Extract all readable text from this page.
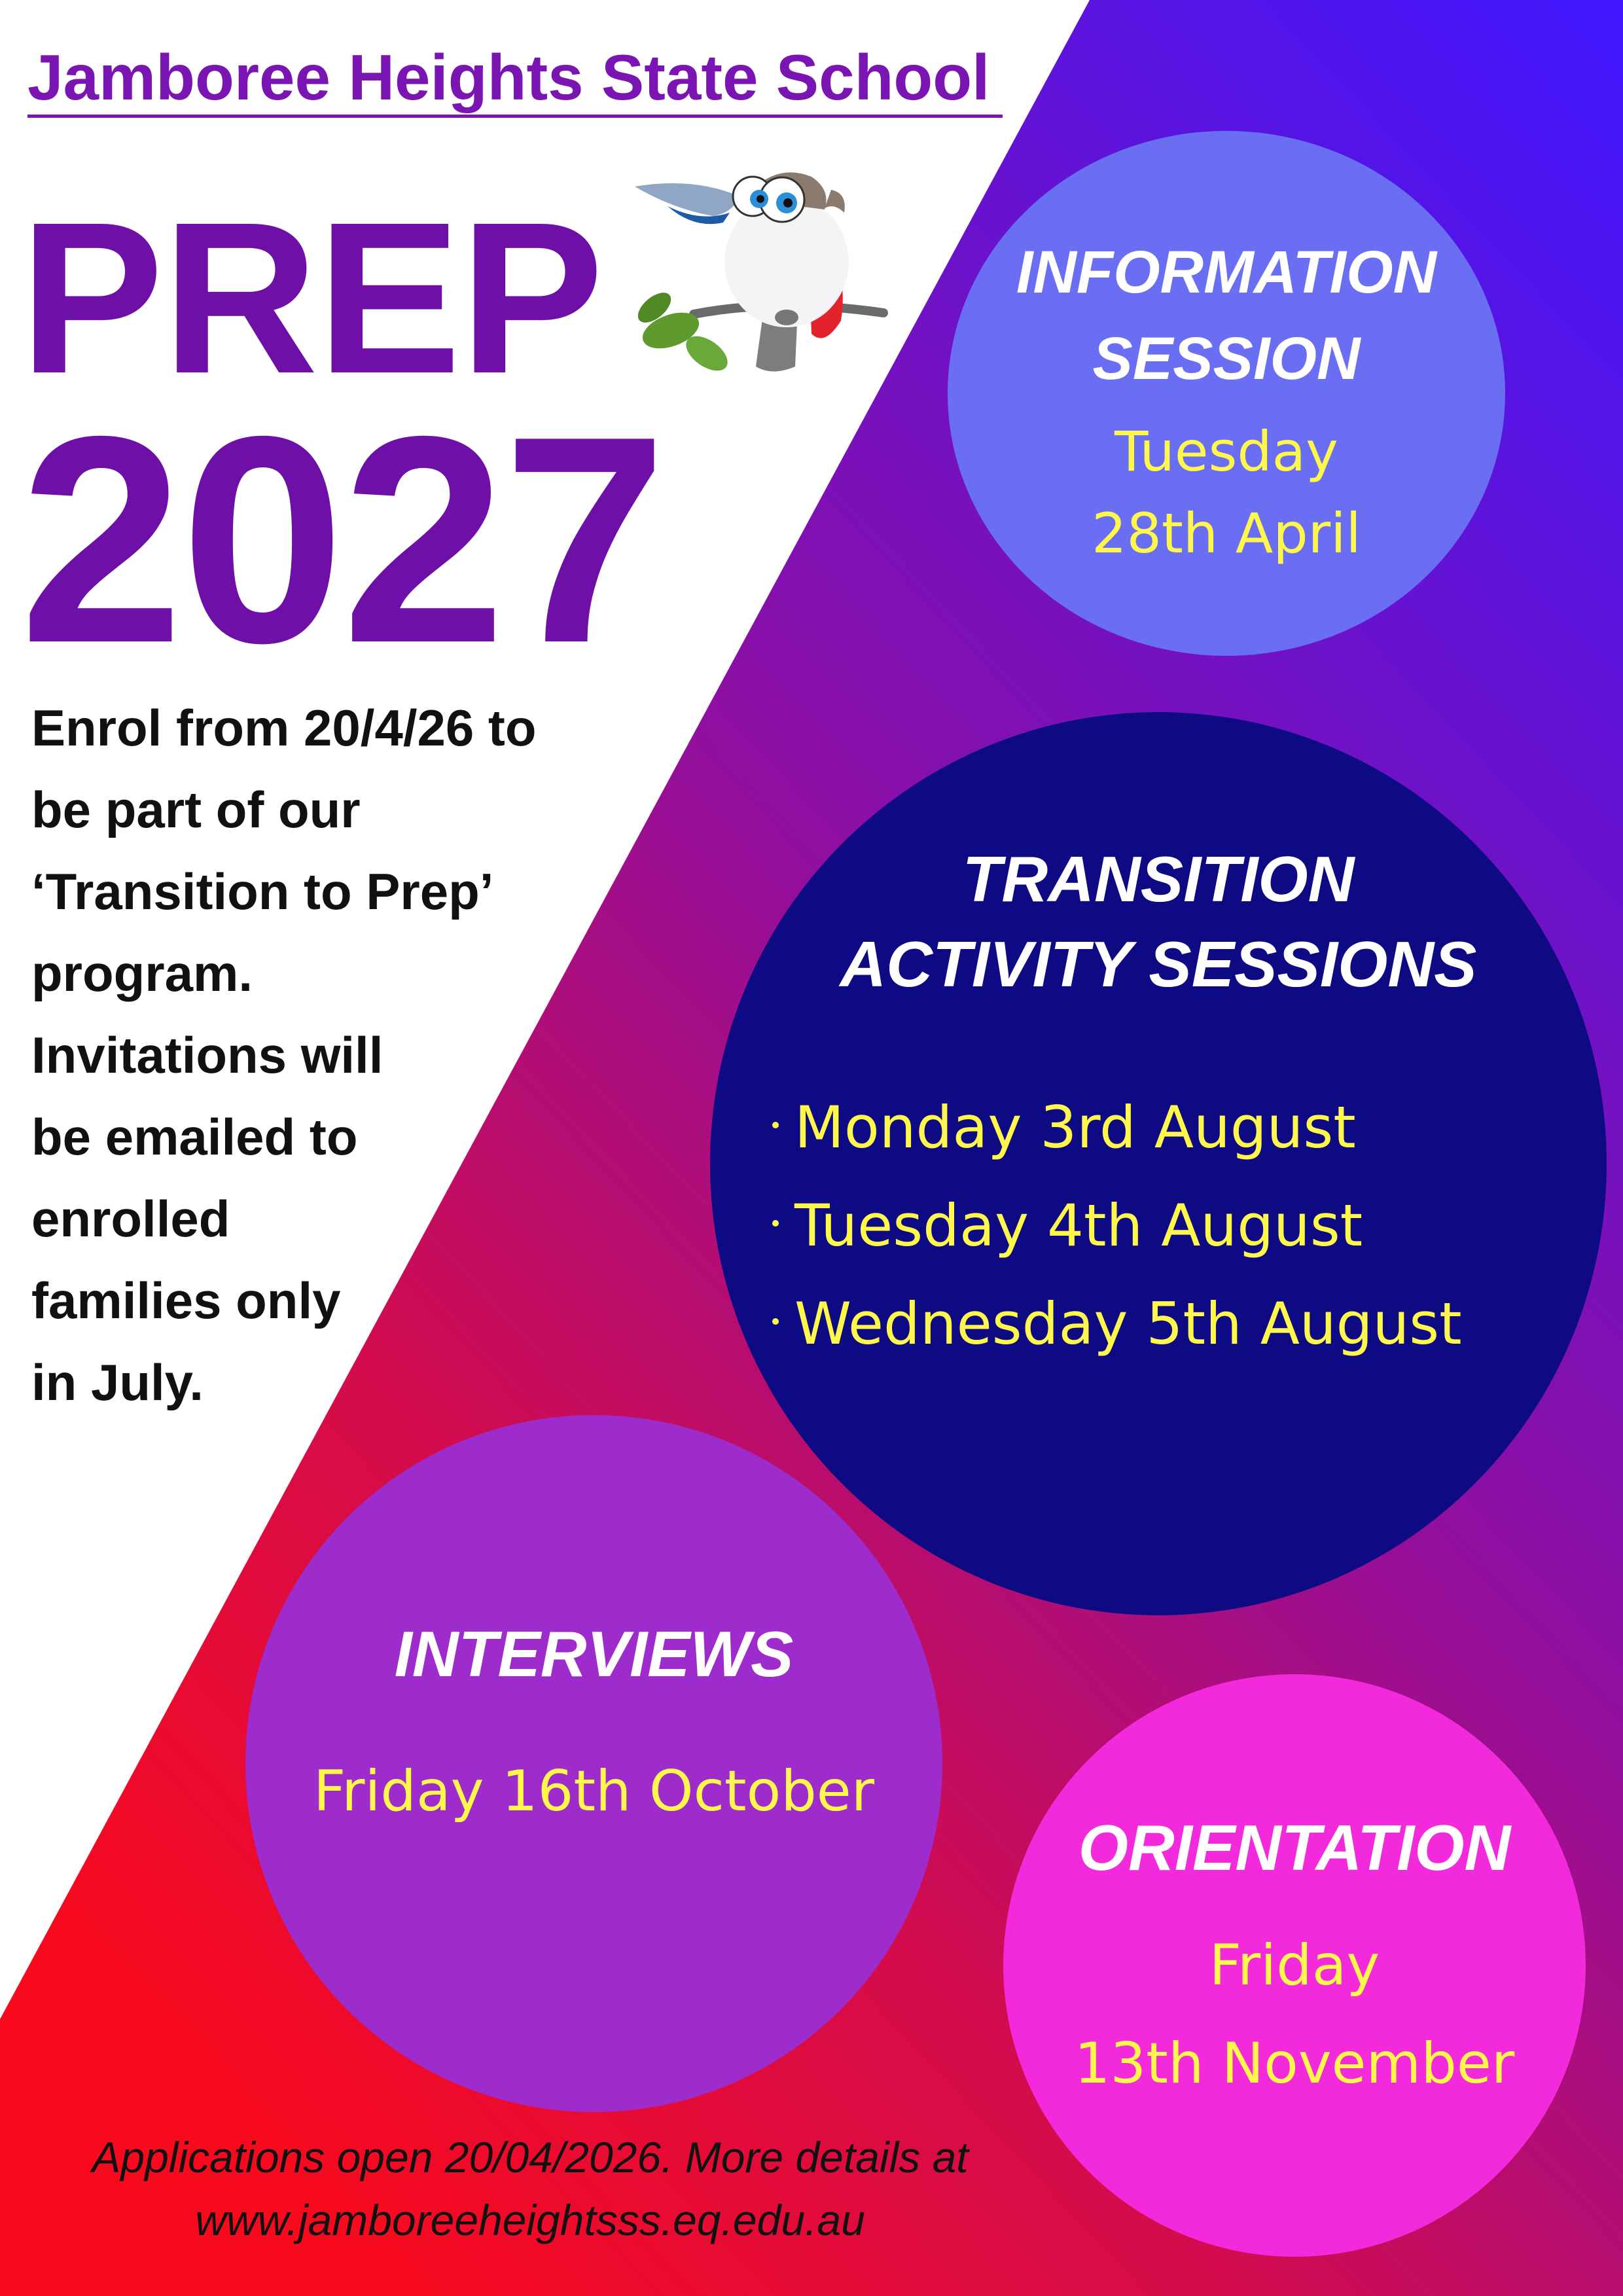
Jamboree Heights State School
PREP
2027
Enrol from 20/4/26 to
be part of our
‘Transition to Prep’
program.
Invitations will
be emailed to
enrolled
families only
in July.
INFORMATION
SESSION
Tuesday
28th April
TRANSITION
ACTIVITY SESSIONS
Monday 3rd August
Tuesday 4th August
Wednesday 5th August
INTERVIEWS
Friday 16th October
ORIENTATION
Friday
13th November
Applications open 20/04/2026. More details at
www.jamboreeheightsss.eq.edu.au
